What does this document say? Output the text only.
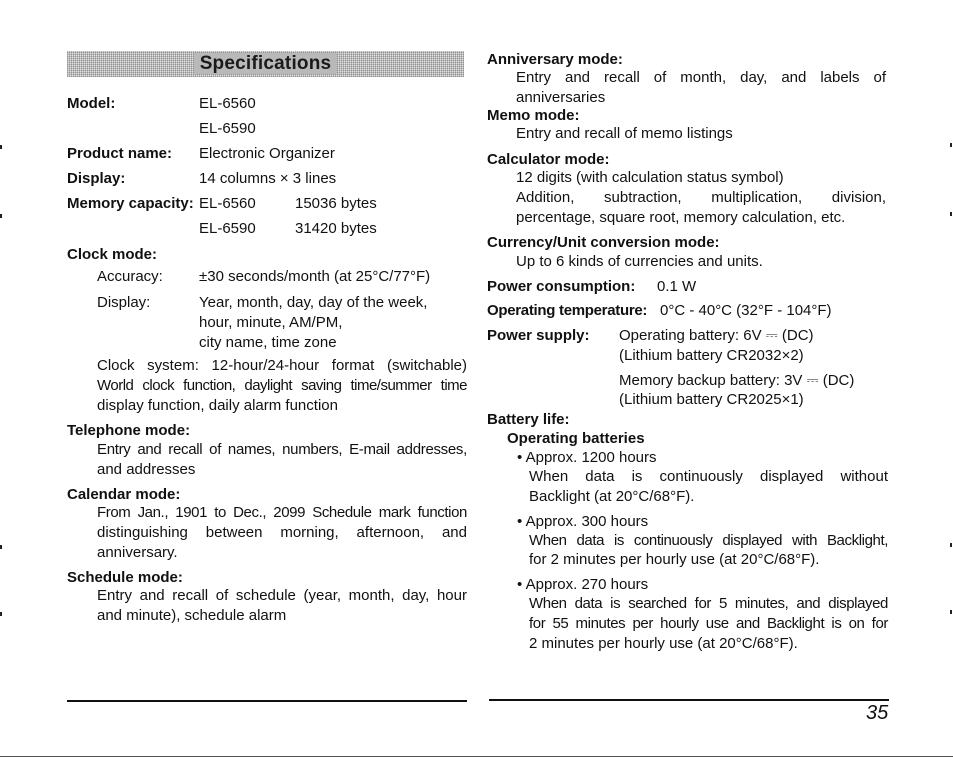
Specifications
Model:	EL-6560
EL-6590
Product name: Electronic Organizer
Display:	14 columns × 3 lines
Memory capacity: EL-6560	15036 bytes
EL-6590	31420 bytes
Clock mode:
Accuracy: ±30 seconds/month (at 25°C/77°F)
Display:	Year, month, day, day of the week,
hour, minute, AM/PM,
city name, time zone
Clock system: 12-hour/24-hour format (switchable)
World clock function, daylight saving time/summer time
display function, daily alarm function
Telephone mode:
Entry and recall of names, numbers, E-mail addresses,
and addresses
Calendar mode:
From Jan., 1901 to Dec., 2099 Schedule mark function
distinguishing between morning, afternoon, and
anniversary.
Schedule mode:
Entry and recall of schedule (year, month, day, hour
and minute), schedule alarm
Anniversary mode:
Entry and recall of month, day, and labels of
anniversaries
Memo mode:
Entry and recall of memo listings
Calculator mode:
12 digits (with calculation status symbol)
Addition, subtraction, multiplication, division,
percentage, square root, memory calculation, etc.
Currency/Unit conversion mode:
Up to 6 kinds of currencies and units.
Power consumption: 0.1 W
Operating temperature: 0°C - 40°C (32°F - 104°F)
Power supply: Operating battery: 6V ⎓ (DC)
(Lithium battery CR2032×2)
Memory backup battery: 3V ⎓ (DC)
(Lithium battery CR2025×1)
Battery life:
Operating batteries
• Approx. 1200 hours
When data is continuously displayed without
Backlight (at 20°C/68°F).
• Approx. 300 hours
When data is continuously displayed with Backlight,
for 2 minutes per hourly use (at 20°C/68°F).
• Approx. 270 hours
When data is searched for 5 minutes, and displayed
for 55 minutes per hourly use and Backlight is on for
2 minutes per hourly use (at 20°C/68°F).
35
